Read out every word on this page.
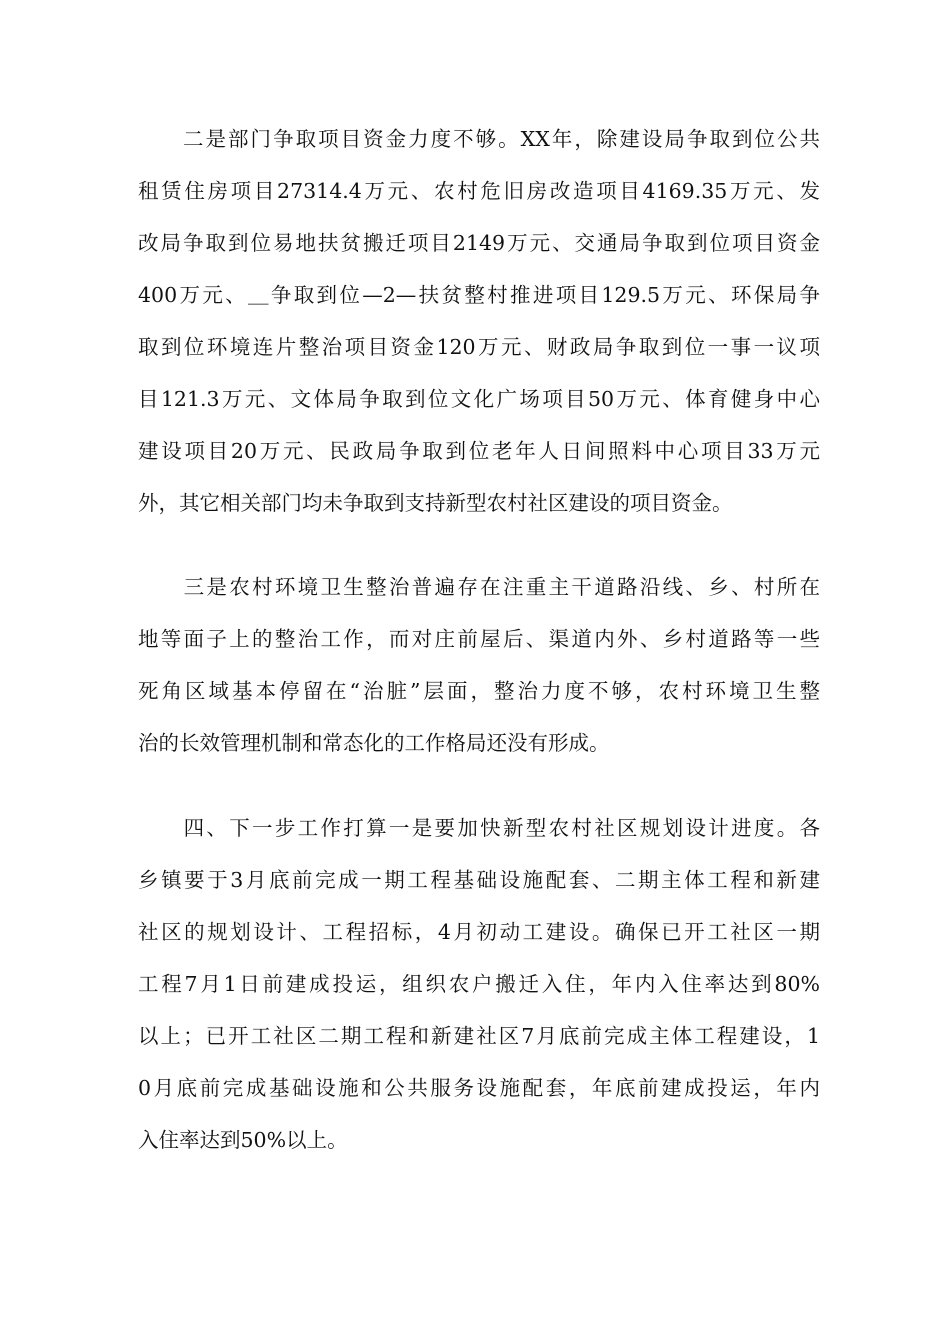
　　二是部门争取项目资金力度不够。XX年，除建设局争取到位公共
租赁住房项目27314.4万元、农村危旧房改造项目4169.35万元、发
改局争取到位易地扶贫搬迁项目2149万元、交通局争取到位项目资金
400万元、＿争取到位—2—扶贫整村推进项目129.5万元、环保局争
取到位环境连片整治项目资金120万元、财政局争取到位一事一议项
目121.3万元、文体局争取到位文化广场项目50万元、体育健身中心
建设项目20万元、民政局争取到位老年人日间照料中心项目33万元
外，其它相关部门均未争取到支持新型农村社区建设的项目资金。
　　三是农村环境卫生整治普遍存在注重主干道路沿线、乡、村所在
地等面子上的整治工作，而对庄前屋后、渠道内外、乡村道路等一些
死角区域基本停留在“治脏”层面，整治力度不够，农村环境卫生整
治的长效管理机制和常态化的工作格局还没有形成。
　　四、下一步工作打算一是要加快新型农村社区规划设计进度。各
乡镇要于3月底前完成一期工程基础设施配套、二期主体工程和新建
社区的规划设计、工程招标，4月初动工建设。确保已开工社区一期
工程7月1日前建成投运，组织农户搬迁入住，年内入住率达到80%
以上；已开工社区二期工程和新建社区7月底前完成主体工程建设，1
0月底前完成基础设施和公共服务设施配套，年底前建成投运，年内
入住率达到50%以上。
